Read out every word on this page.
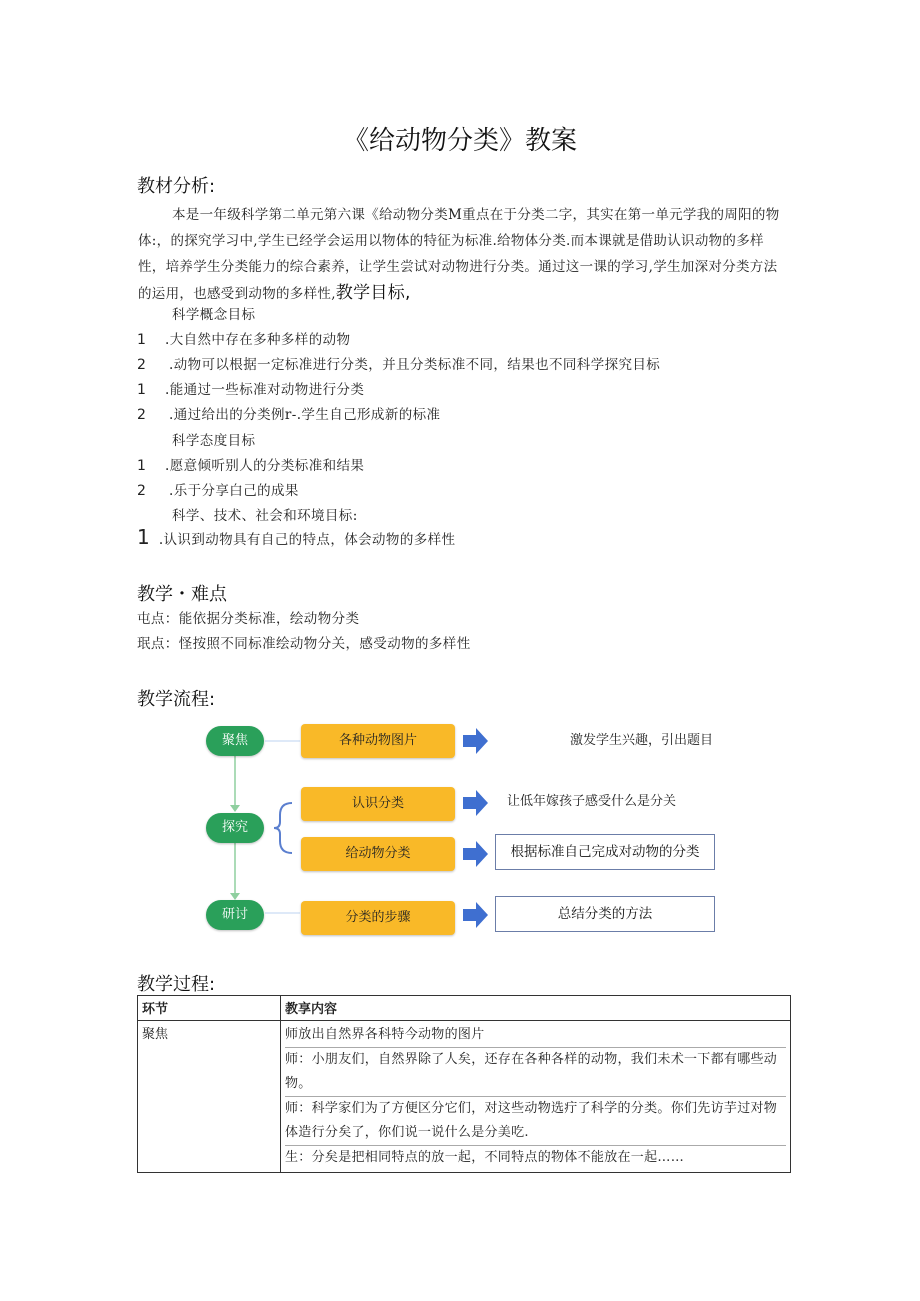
《给动物分类》教案
教材分析:
本是一年级科学第二单元第六课《给动物分类M重点在于分类二字，其实在第一单元学我的周阳的物体:，的探究学习中,学生已经学会运用以物体的特征为标准.给物体分类.而本课就是借助认识动物的多样性，培养学生分类能力的综合素养，让学生尝试对动物进行分类。通过这一课的学习,学生加深对分类方法的运用，也感受到动物的多样性,教学目标,
科学概念目标
1 .大自然中存在多种多样的动物
2 .动物可以根据一定标准进行分类，并且分类标准不同，结果也不同科学探究目标
1 .能通过一些标准对动物进行分类
2 .通过给出的分类例r-.学生自己形成新的标准
科学态度目标
1 .愿意倾听别人的分类标准和结果
2 .乐于分享白己的成果
科学、技术、社会和环境目标:
1 .认识到动物具有自己的特点，体会动物的多样性
教学・难点
屯点：能依据分类标准，绘动物分类
珉点：怪按照不同标准绘动物分关，感受动物的多样性
教学流程:
聚焦
探究
研讨
各种动物图片
认识分类
给动物分类
分类的步骤
激发学生兴趣，引出题目
让低年嫁孩子感受什么是分关
根据标准自己完成对动物的分类
总结分类的方法
教学过程:
环节	教享内容
聚焦	师放出自然界各科特今动物的图片

师：小朋友们，自然界除了人矣，还存在各种各样的动物，我们未术一下都有哪些动物。

师：科学家们为了方便区分它们，对这些动物选疔了科学的分类。你们先访芋过对物体造行分矣了，你们说一说什么是分美吃.

生：分矣是把相同特点的放一起，不同特点的物体不能放在一起……
